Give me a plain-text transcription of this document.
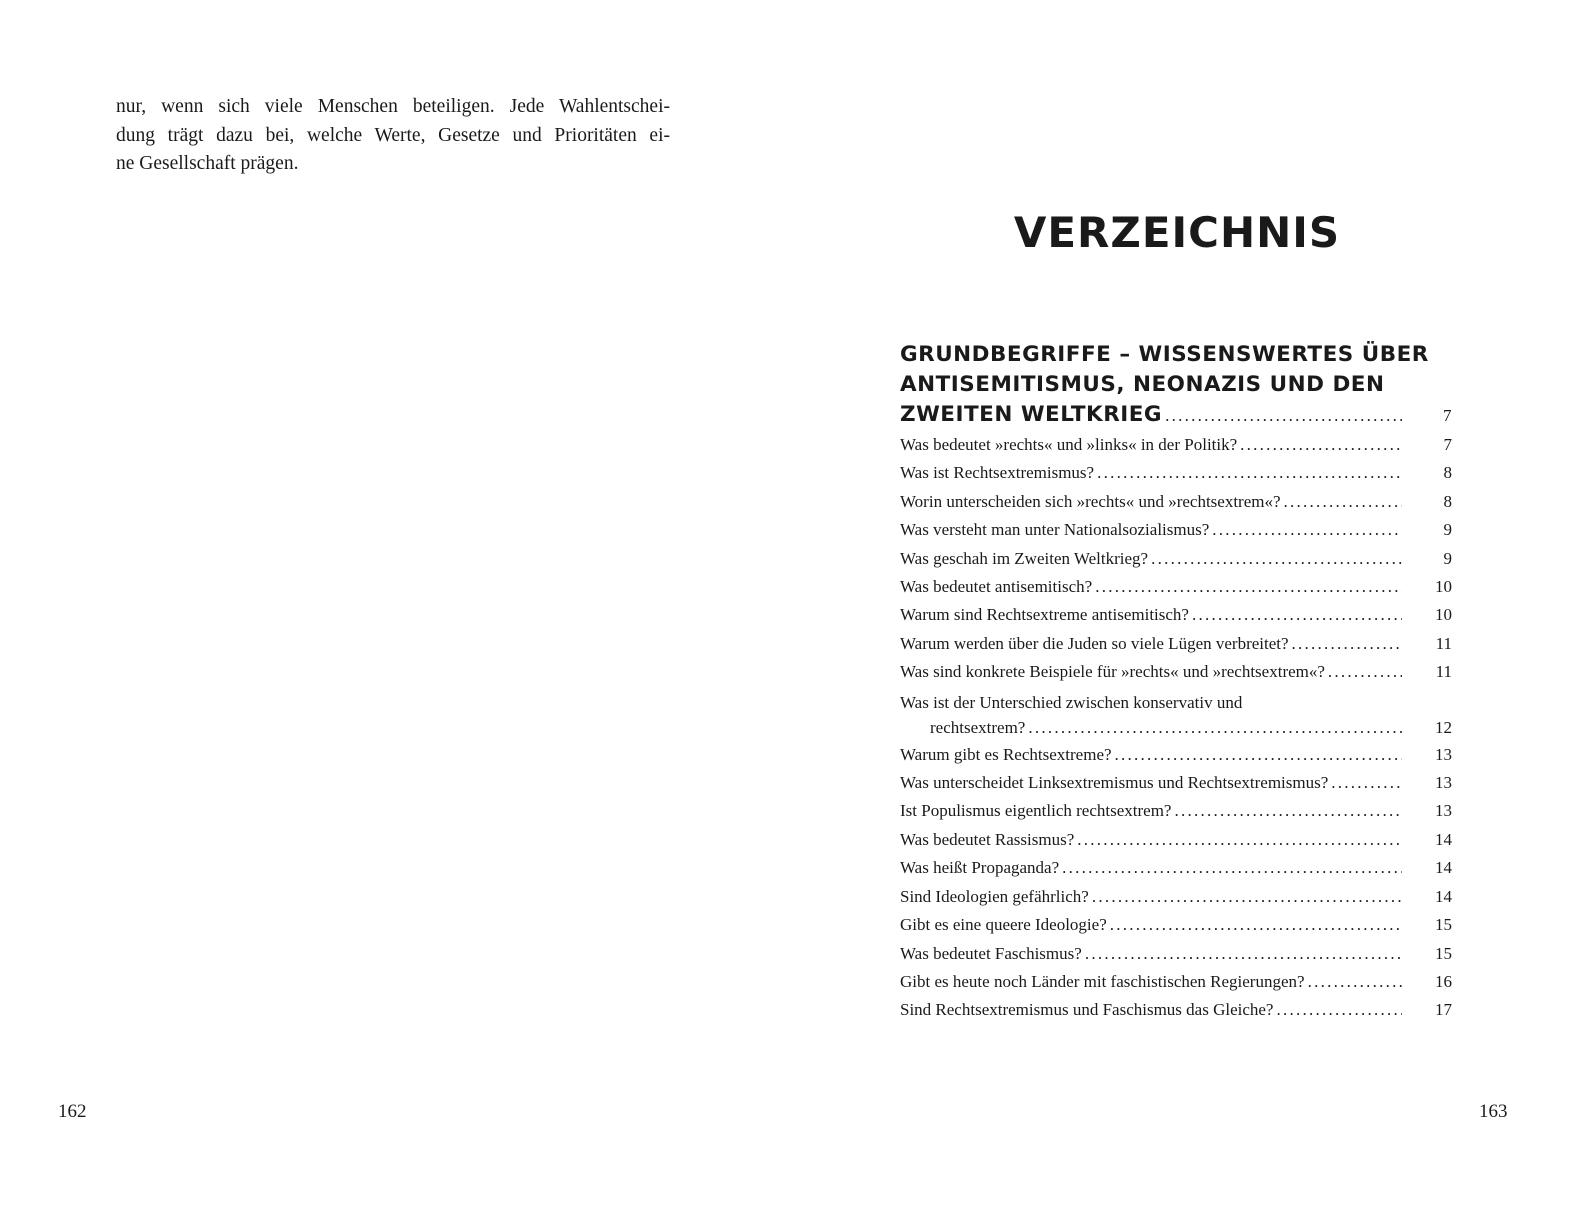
nur, wenn sich viele Menschen beteiligen. Jede Wahlentschei-
dung trägt dazu bei, welche Werte, Gesetze und Prioritäten ei-
ne Gesellschaft prägen.
162
VERZEICHNIS
GRUNDBEGRIFFE – WISSENSWERTES ÜBER
ANTISEMITISMUS, NEONAZIS UND DEN
ZWEITEN WELTKRIEG . . .	7
Was bedeutet »rechts« und »links« in der Politik? . . .	7
Was ist Rechtsextremismus? . . .	8
Worin unterscheiden sich »rechts« und »rechtsextrem«? . . .	8
Was versteht man unter Nationalsozialismus? . . .	9
Was geschah im Zweiten Weltkrieg? . . .	9
Was bedeutet antisemitisch? . . .	10
Warum sind Rechtsextreme antisemitisch? . . .	10
Warum werden über die Juden so viele Lügen verbreitet? . . .	11
Was sind konkrete Beispiele für »rechts« und »rechtsextrem«? . . .	11
Was ist der Unterschied zwischen konservativ und
rechtsextrem? . . .	12
Warum gibt es Rechtsextreme? . . .	13
Was unterscheidet Linksextremismus und Rechtsextremismus? . . .	13
Ist Populismus eigentlich rechtsextrem? . . .	13
Was bedeutet Rassismus? . . .	14
Was heißt Propaganda? . . .	14
Sind Ideologien gefährlich? . . .	14
Gibt es eine queere Ideologie? . . .	15
Was bedeutet Faschismus? . . .	15
Gibt es heute noch Länder mit faschistischen Regierungen? . . .	16
Sind Rechtsextremismus und Faschismus das Gleiche? . . .	17
163
